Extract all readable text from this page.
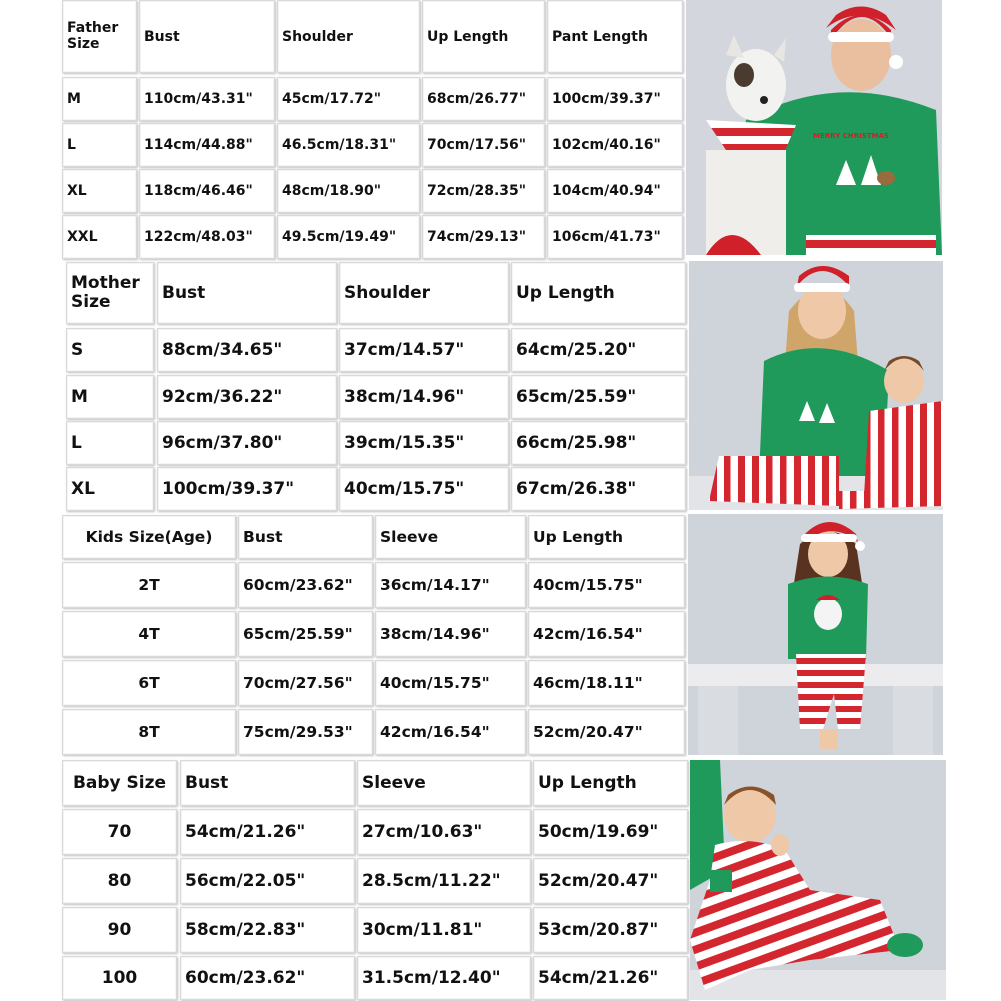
Father Size	Bust	Shoulder	Up Length	Pant Length
M	110cm/43.31"	45cm/17.72"	68cm/26.77"	100cm/39.37"
L	114cm/44.88"	46.5cm/18.31"	70cm/17.56"	102cm/40.16"
XL	118cm/46.46"	48cm/18.90"	72cm/28.35"	104cm/40.94"
XXL	122cm/48.03"	49.5cm/19.49"	74cm/29.13"	106cm/41.73"
Mother Size	Bust	Shoulder	Up Length
S	88cm/34.65"	37cm/14.57"	64cm/25.20"
M	92cm/36.22"	38cm/14.96"	65cm/25.59"
L	96cm/37.80"	39cm/15.35"	66cm/25.98"
XL	100cm/39.37"	40cm/15.75"	67cm/26.38"
Kids Size(Age)	Bust	Sleeve	Up Length
2T	60cm/23.62"	36cm/14.17"	40cm/15.75"
4T	65cm/25.59"	38cm/14.96"	42cm/16.54"
6T	70cm/27.56"	40cm/15.75"	46cm/18.11"
8T	75cm/29.53"	42cm/16.54"	52cm/20.47"
Baby Size	Bust	Sleeve	Up Length
70	54cm/21.26"	27cm/10.63"	50cm/19.69"
80	56cm/22.05"	28.5cm/11.22"	52cm/20.47"
90	58cm/22.83"	30cm/11.81"	53cm/20.87"
100	60cm/23.62"	31.5cm/12.40"	54cm/21.26"
MERRY CHRISTMAS
